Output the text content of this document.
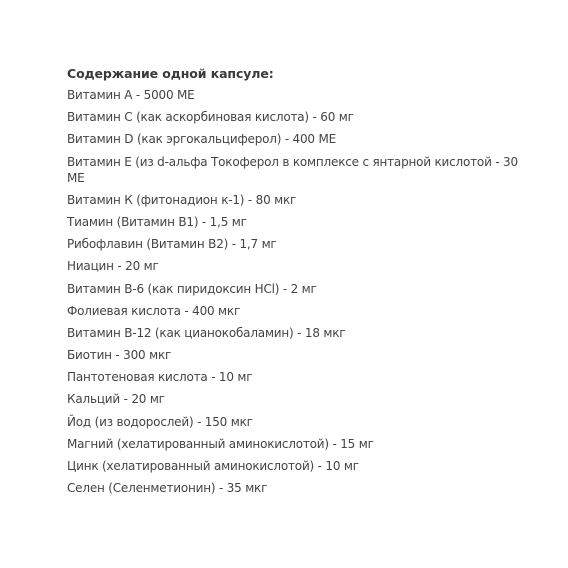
Содержание одной капсуле:
Витамин А - 5000 МЕ
Витамин С (как аскорбиновая кислота) - 60 мг
Витамин D (как эргокальциферол) - 400 МЕ
Витамин Е (из d-альфа Токоферол в комплексе с янтарной кислотой - 30 МЕ
Витамин К (фитонадион к-1) - 80 мкг
Тиамин (Витамин В1) - 1,5 мг
Рибофлавин (Витамин В2) - 1,7 мг
Ниацин - 20 мг
Витамин В-6 (как пиридоксин HCl) - 2 мг
Фолиевая кислота - 400 мкг
Витамин В-12 (как цианокобаламин) - 18 мкг
Биотин - 300 мкг
Пантотеновая кислота - 10 мг
Кальций - 20 мг
Йод (из водорослей) - 150 мкг
Магний (хелатированный аминокислотой) - 15 мг
Цинк (хелатированный аминокислотой) - 10 мг
Селен (Селенметионин) - 35 мкг
